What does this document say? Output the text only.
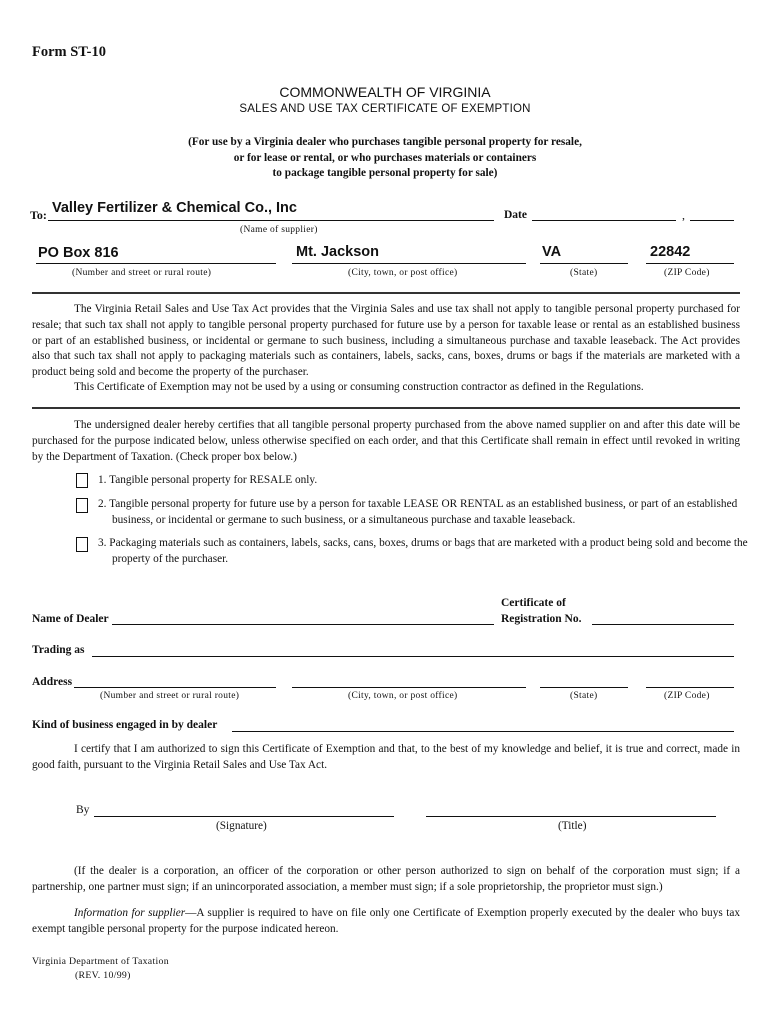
Form ST-10
COMMONWEALTH OF VIRGINIA
SALES AND USE TAX CERTIFICATE OF EXEMPTION
(For use by a Virginia dealer who purchases tangible personal property for resale,
or for lease or rental, or who purchases materials or containers
to package tangible personal property for sale)
To: Valley Fertilizer & Chemical Co., Inc	Date	,
(Name of supplier)
PO Box 816	Mt. Jackson	VA	22842
(Number and street or rural route)	(City, town, or post office)	(State)	(ZIP Code)
The Virginia Retail Sales and Use Tax Act provides that the Virginia Sales and use tax shall not apply to tangible personal property purchased for resale; that such tax shall not apply to tangible personal property purchased for future use by a person for taxable lease or rental as an established business or part of an established business, or incidental or germane to such business, including a simultaneous purchase and taxable leaseback. The Act provides also that such tax shall not apply to packaging materials such as containers, labels, sacks, cans, boxes, drums or bags if the materials are marketed with a product being sold and become the property of the purchaser.
This Certificate of Exemption may not be used by a using or consuming construction contractor as defined in the Regulations.
The undersigned dealer hereby certifies that all tangible personal property purchased from the above named supplier on and after this date will be purchased for the purpose indicated below, unless otherwise specified on each order, and that this Certificate shall remain in effect until revoked in writing by the Department of Taxation. (Check proper box below.)
1. Tangible personal property for RESALE only.
2. Tangible personal property for future use by a person for taxable LEASE OR RENTAL as an established business, or part of an established business, or incidental or germane to such business, or a simultaneous purchase and taxable leaseback.
3. Packaging materials such as containers, labels, sacks, cans, boxes, drums or bags that are marketed with a product being sold and become the property of the purchaser.
Name of Dealer
Certificate of
Registration No.
Trading as
Address
(Number and street or rural route)	(City, town, or post office)	(State)	(ZIP Code)
Kind of business engaged in by dealer
I certify that I am authorized to sign this Certificate of Exemption and that, to the best of my knowledge and belief, it is true and correct, made in good faith, pursuant to the Virginia Retail Sales and Use Tax Act.
By
(Signature)	(Title)
(If the dealer is a corporation, an officer of the corporation or other person authorized to sign on behalf of the corporation must sign; if a partnership, one partner must sign; if an unincorporated association, a member must sign; if a sole proprietorship, the proprietor must sign.)
Information for supplier—A supplier is required to have on file only one Certificate of Exemption properly executed by the dealer who buys tax exempt tangible personal property for the purpose indicated hereon.
Virginia Department of Taxation
(REV. 10/99)
